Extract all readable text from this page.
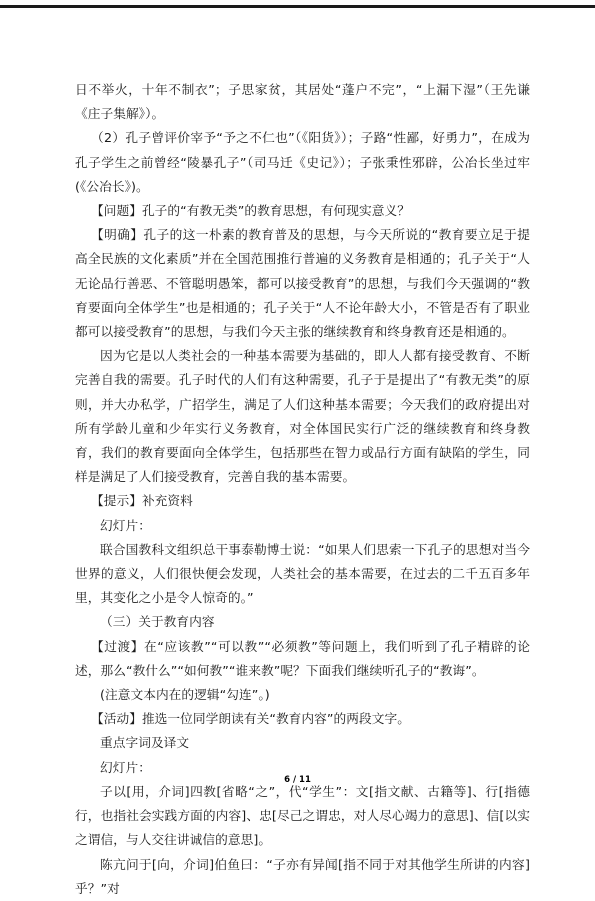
日不举火，十年不制衣”；子思家贫，其居处“蓬户不完”，“上漏下湿”（王先谦《庄子集解》）。

（2）孔子曾评价宰予“予之不仁也”（《阳货》）；子路“性鄙，好勇力”，在成为孔子学生之前曾经“陵暴孔子”（司马迁《史记》）；子张秉性邪辟，公冶长坐过牢(《公冶长》)。

【问题】孔子的“有教无类”的教育思想，有何现实意义？

【明确】孔子的这一朴素的教育普及的思想，与今天所说的“教育要立足于提高全民族的文化素质”并在全国范围推行普遍的义务教育是相通的；孔子关于“人无论品行善恶、不管聪明愚笨，都可以接受教育”的思想，与我们今天强调的“教育要面向全体学生”也是相通的；孔子关于“人不论年龄大小，不管是否有了职业都可以接受教育”的思想，与我们今天主张的继续教育和终身教育还是相通的。

因为它是以人类社会的一种基本需要为基础的，即人人都有接受教育、不断完善自我的需要。孔子时代的人们有这种需要，孔子于是提出了“有教无类”的原则，并大办私学，广招学生，满足了人们这种基本需要；今天我们的政府提出对所有学龄儿童和少年实行义务教育，对全体国民实行广泛的继续教育和终身教育，我们的教育要面向全体学生，包括那些在智力或品行方面有缺陷的学生，同样是满足了人们接受教育，完善自我的基本需要。

【提示】补充资料

幻灯片：

联合国教科文组织总干事泰勒博士说：“如果人们思索一下孔子的思想对当今世界的意义，人们很快便会发现，人类社会的基本需要，在过去的二千五百多年里，其变化之小是令人惊奇的。”

（三）关于教育内容

【过渡】在“应该教”“可以教”“必须教”等问题上，我们听到了孔子精辟的论述，那么“教什么”“如何教”“谁来教”呢？下面我们继续听孔子的“教诲”。

(注意文本内在的逻辑“勾连”。)

【活动】推选一位同学朗读有关“教育内容”的两段文字。

重点字词及译文

幻灯片：

子以[用，介词]四教[省略“之”，代“学生”：文[指文献、古籍等]、行[指德行，也指社会实践方面的内容]、忠[尽己之谓忠，对人尽心竭力的意思]、信[以实之谓信，与人交往讲诚信的意思]。

陈亢问于[向，介词]伯鱼曰：“子亦有异闻[指不同于对其他学生所讲的内容]乎？”对

6 / 11
